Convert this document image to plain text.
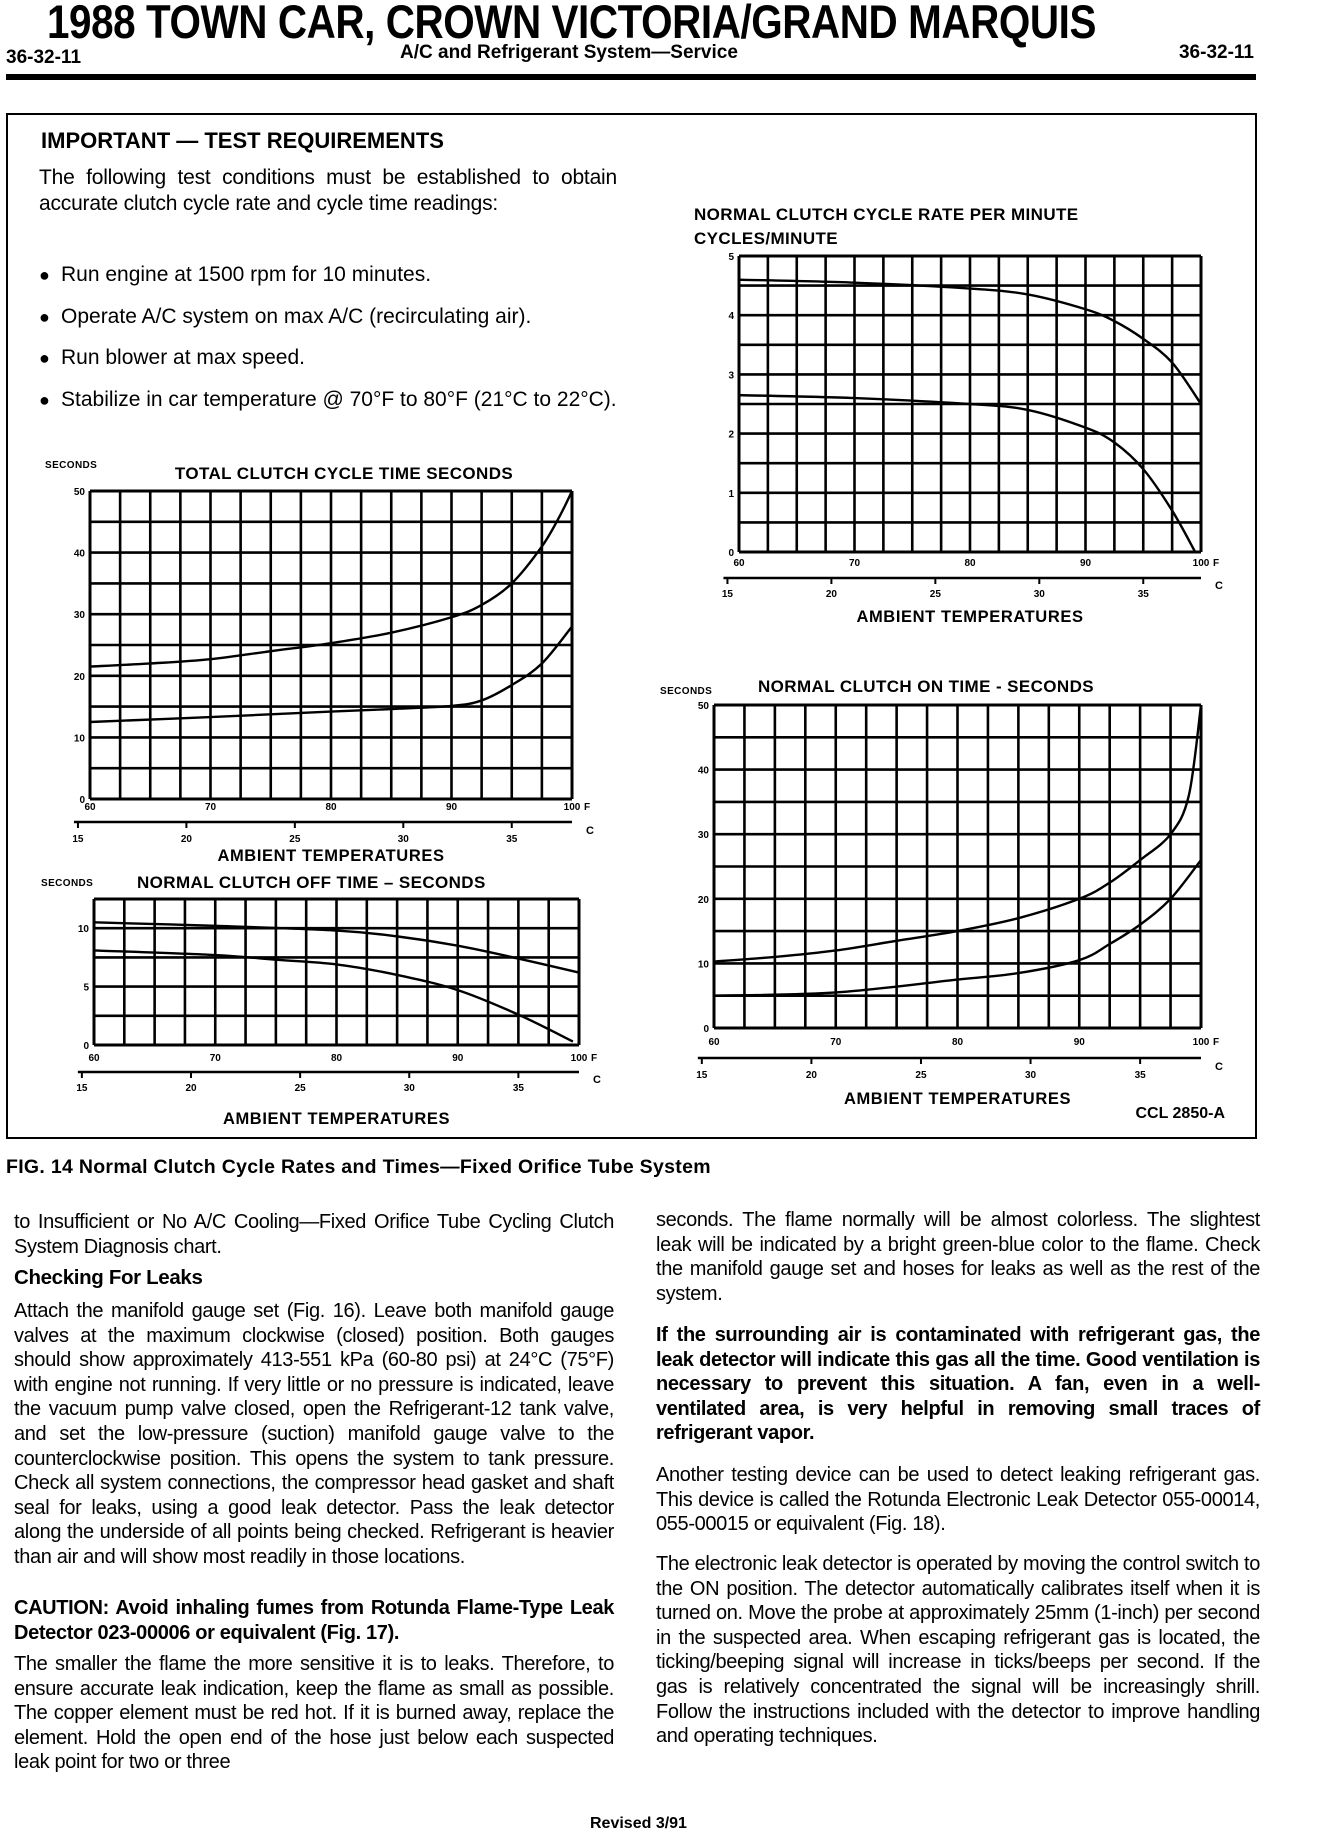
1988 TOWN CAR, CROWN VICTORIA/GRAND MARQUIS
36-32-11	A/C and Refrigerant System—Service	36-32-11
IMPORTANT — TEST REQUIREMENTS
The following test conditions must be established to obtain accurate clutch cycle rate and cycle time readings:
● Run engine at 1500 rpm for 10 minutes.
● Operate A/C system on max A/C (recirculating air).
● Run blower at max speed.
● Stabilize in car temperature @ 70°F to 80°F (21°C to 22°C).
0
10
20
30
40
50
60	70	80	90	100 F
15	20	25	30	35
C
AMBIENT TEMPERATURES
TOTAL CLUTCH CYCLE TIME SECONDS
SECONDS
0
1
2
3
4
5
60	70	80	90	100 F
15	20	25	30	35
C
AMBIENT TEMPERATURES
NORMAL CLUTCH CYCLE RATE PER MINUTE
CYCLES/MINUTE
0
5
10
60	70	80	90	100 F
15	20	25	30	35
C
AMBIENT TEMPERATURES
NORMAL CLUTCH OFF TIME – SECONDS
SECONDS
0
10
20
30
40
50
60	70	80	90	100 F
15	20	25	30	35
C
AMBIENT TEMPERATURES
NORMAL CLUTCH ON TIME - SECONDS
SECONDS
CCL 2850-A
FIG. 14 Normal Clutch Cycle Rates and Times—Fixed Orifice Tube System
to Insufficient or No A/C Cooling—Fixed Orifice Tube Cycling Clutch System Diagnosis chart.
Checking For Leaks
Attach the manifold gauge set (Fig. 16). Leave both manifold gauge valves at the maximum clockwise (closed) position. Both gauges should show approximately 413-551 kPa (60-80 psi) at 24°C (75°F) with engine not running. If very little or no pressure is indicated, leave the vacuum pump valve closed, open the Refrigerant-12 tank valve, and set the low-pressure (suction) manifold gauge valve to the counterclockwise position. This opens the system to tank pressure. Check all system connections, the compressor head gasket and shaft seal for leaks, using a good leak detector. Pass the leak detector along the underside of all points being checked. Refrigerant is heavier than air and will show most readily in those locations.
CAUTION: Avoid inhaling fumes from Rotunda Flame-Type Leak Detector 023-00006 or equivalent (Fig. 17).
The smaller the flame the more sensitive it is to leaks. Therefore, to ensure accurate leak indication, keep the flame as small as possible. The copper element must be red hot. If it is burned away, replace the element. Hold the open end of the hose just below each suspected leak point for two or three
seconds. The flame normally will be almost colorless. The slightest leak will be indicated by a bright green-blue color to the flame. Check the manifold gauge set and hoses for leaks as well as the rest of the system.
If the surrounding air is contaminated with refrigerant gas, the leak detector will indicate this gas all the time. Good ventilation is necessary to prevent this situation. A fan, even in a well-ventilated area, is very helpful in removing small traces of refrigerant vapor.
Another testing device can be used to detect leaking refrigerant gas. This device is called the Rotunda Electronic Leak Detector 055-00014, 055-00015 or equivalent (Fig. 18).
The electronic leak detector is operated by moving the control switch to the ON position. The detector automatically calibrates itself when it is turned on. Move the probe at approximately 25mm (1-inch) per second in the suspected area. When escaping refrigerant gas is located, the ticking/beeping signal will increase in ticks/beeps per second. If the gas is relatively concentrated the signal will be increasingly shrill. Follow the instructions included with the detector to improve handling and operating techniques.
Revised 3/91
